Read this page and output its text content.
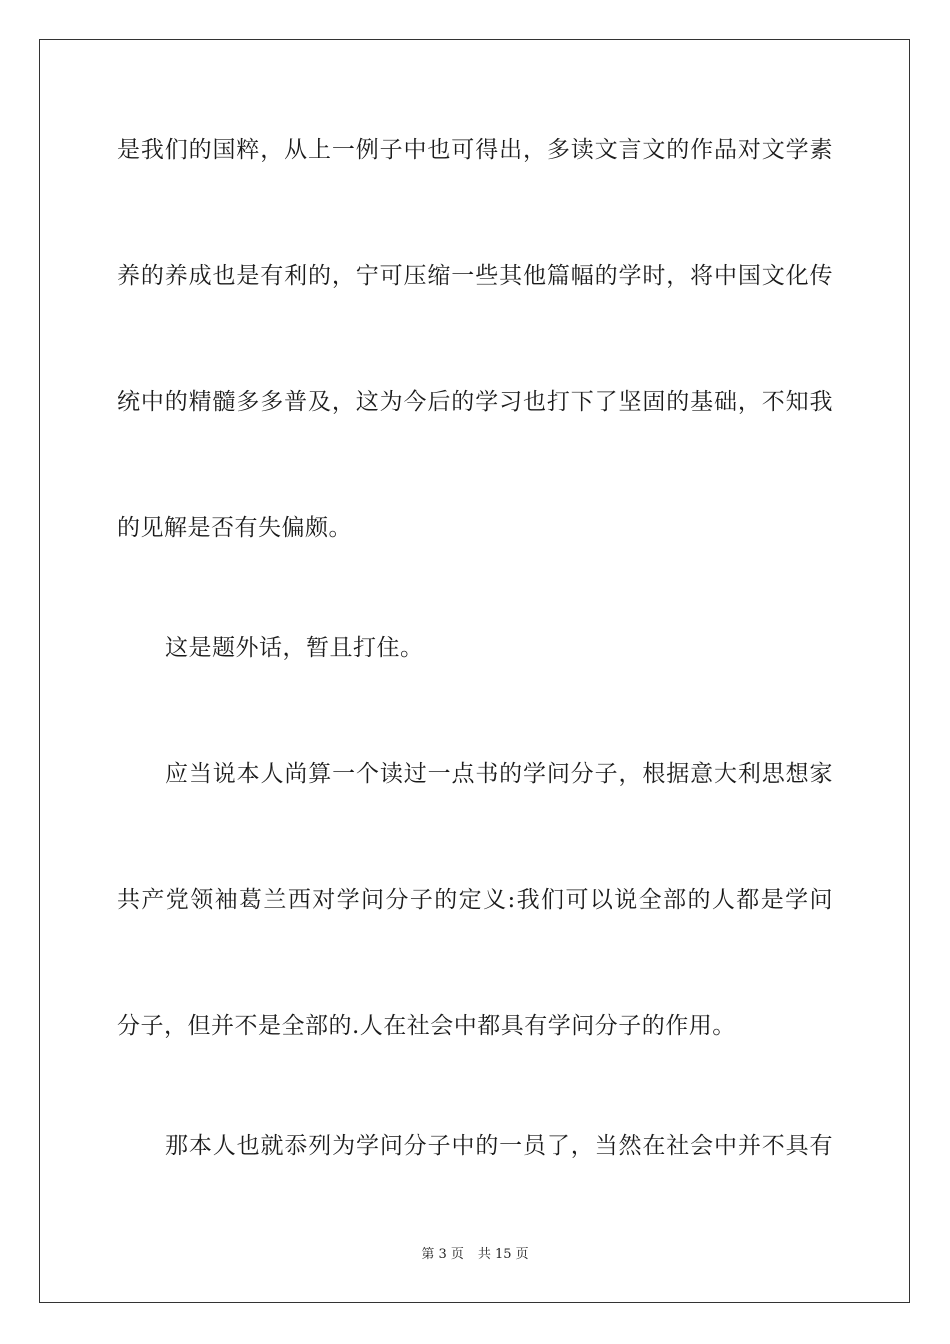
是我们的国粹，从上一例子中也可得出，多读文言文的作品对文学素
养的养成也是有利的，宁可压缩一些其他篇幅的学时，将中国文化传
统中的精髓多多普及，这为今后的学习也打下了坚固的基础，不知我
的见解是否有失偏颇。
这是题外话，暂且打住。
应当说本人尚算一个读过一点书的学问分子，根据意大利思想家
共产党领袖葛兰西对学问分子的定义:我们可以说全部的人都是学问
分子，但并不是全部的.人在社会中都具有学问分子的作用。
那本人也就忝列为学问分子中的一员了，当然在社会中并不具有
第 3 页 共 15 页
